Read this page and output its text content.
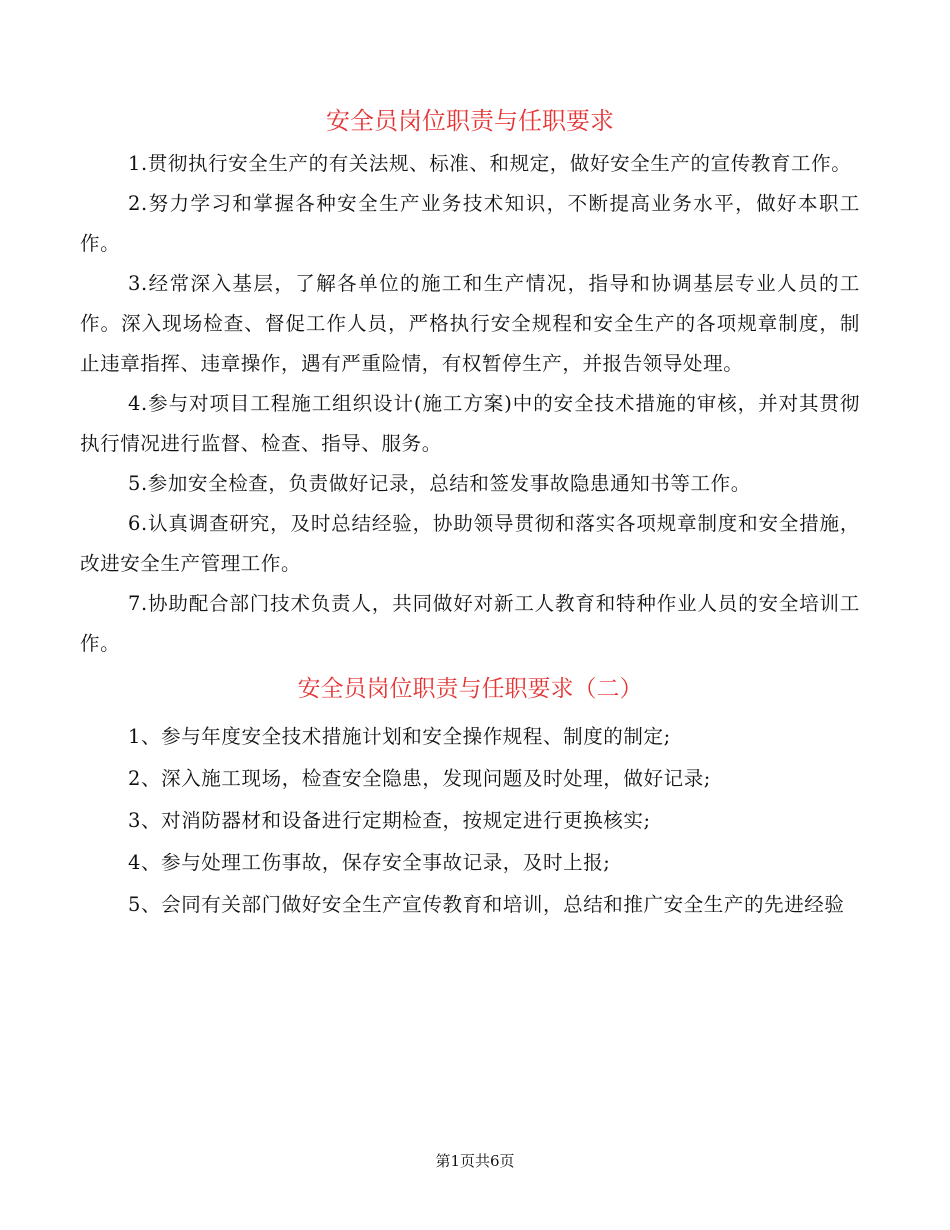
安全员岗位职责与任职要求

1.贯彻执行安全生产的有关法规、标准、和规定，做好安全生产的宣传教育工作。

2.努力学习和掌握各种安全生产业务技术知识，不断提高业务水平，做好本职工作。

3.经常深入基层，了解各单位的施工和生产情况，指导和协调基层专业人员的工作。深入现场检查、督促工作人员，严格执行安全规程和安全生产的各项规章制度，制止违章指挥、违章操作，遇有严重险情，有权暂停生产，并报告领导处理。

4.参与对项目工程施工组织设计(施工方案)中的安全技术措施的审核，并对其贯彻执行情况进行监督、检查、指导、服务。

5.参加安全检查，负责做好记录，总结和签发事故隐患通知书等工作。

6.认真调查研究，及时总结经验，协助领导贯彻和落实各项规章制度和安全措施，改进安全生产管理工作。

7.协助配合部门技术负责人，共同做好对新工人教育和特种作业人员的安全培训工作。

安全员岗位职责与任职要求（二）

1、参与年度安全技术措施计划和安全操作规程、制度的制定;

2、深入施工现场，检查安全隐患，发现问题及时处理，做好记录;

3、对消防器材和设备进行定期检查，按规定进行更换核实;

4、参与处理工伤事故，保存安全事故记录，及时上报;

5、会同有关部门做好安全生产宣传教育和培训，总结和推广安全生产的先进经验

第1页共6页
